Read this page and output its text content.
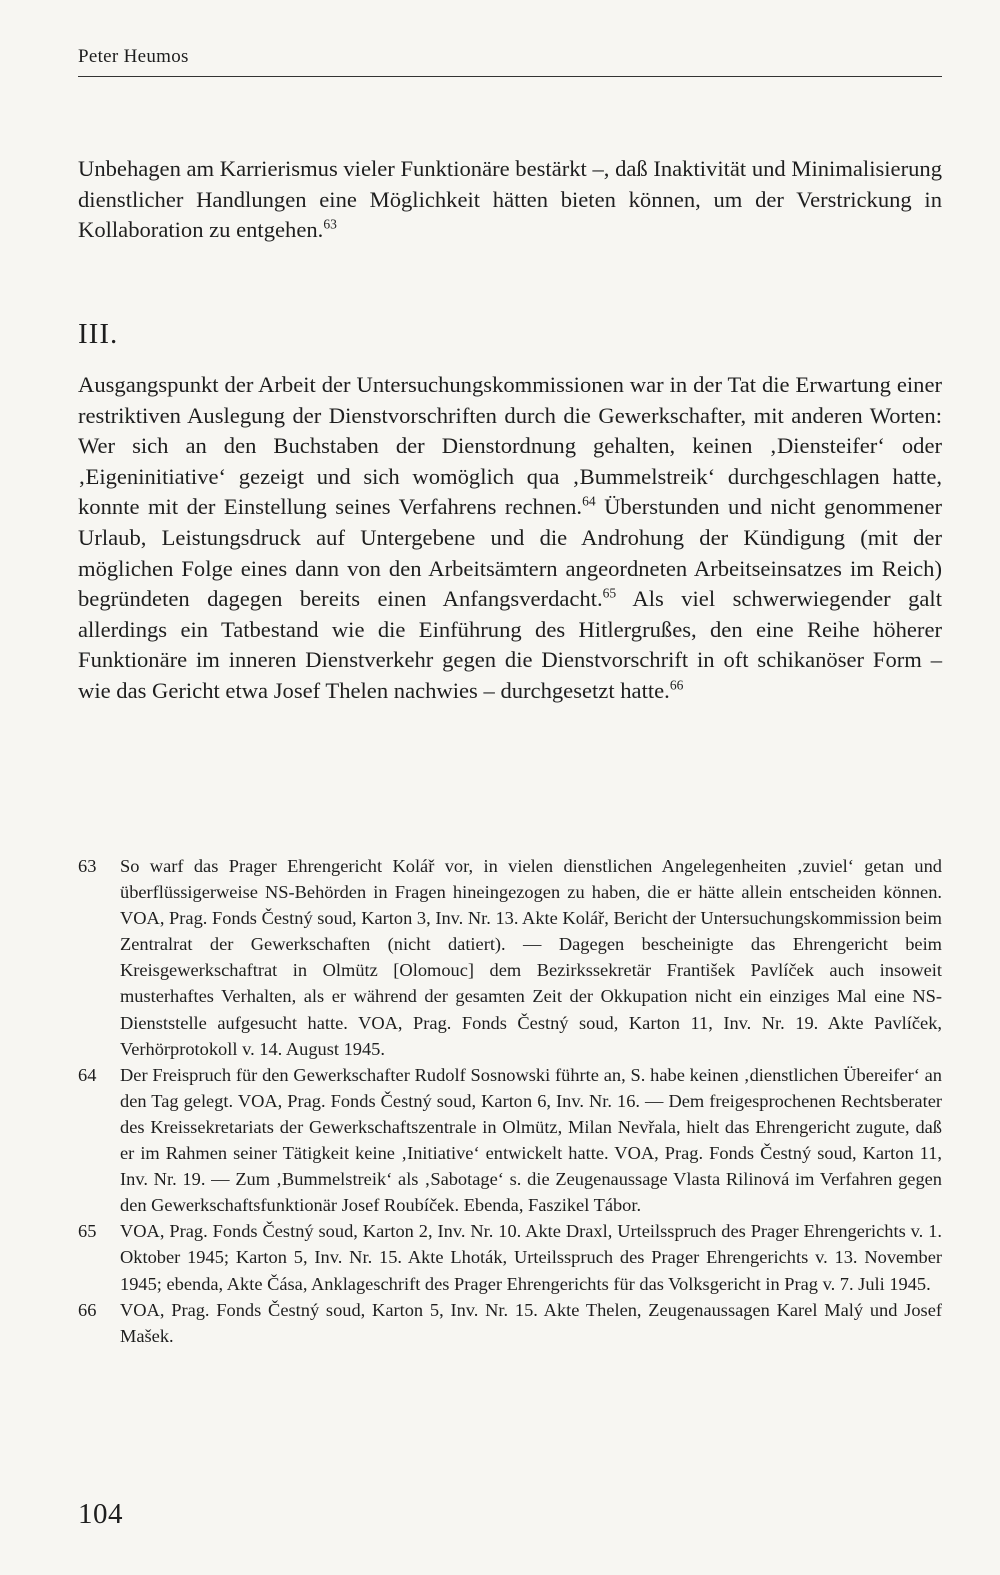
Peter Heumos

Unbehagen am Karrierismus vieler Funktionäre bestärkt –, daß Inaktivität und Minimalisierung dienstlicher Handlungen eine Möglichkeit hätten bieten können, um der Verstrickung in Kollaboration zu entgehen.$^{63}$

III.

Ausgangspunkt der Arbeit der Untersuchungskommissionen war in der Tat die Erwartung einer restriktiven Auslegung der Dienstvorschriften durch die Gewerkschafter, mit anderen Worten: Wer sich an den Buchstaben der Dienstordnung gehalten, keinen ‚Diensteifer‘ oder ‚Eigeninitiative‘ gezeigt und sich womöglich qua ‚Bummelstreik‘ durchgeschlagen hatte, konnte mit der Einstellung seines Verfahrens rechnen.$^{64}$ Überstunden und nicht genommener Urlaub, Leistungsdruck auf Untergebene und die Androhung der Kündigung (mit der möglichen Folge eines dann von den Arbeitsämtern angeordneten Arbeitseinsatzes im Reich) begründeten dagegen bereits einen Anfangsverdacht.$^{65}$ Als viel schwerwiegender galt allerdings ein Tatbestand wie die Einführung des Hitlergrußes, den eine Reihe höherer Funktionäre im inneren Dienstverkehr gegen die Dienstvorschrift in oft schikanöser Form – wie das Gericht etwa Josef Thelen nachwies – durchgesetzt hatte.$^{66}$

63 So warf das Prager Ehrengericht Kolář vor, in vielen dienstlichen Angelegenheiten ‚zuviel‘ getan und überflüssigerweise NS-Behörden in Fragen hineingezogen zu haben, die er hätte allein entscheiden können. VOA, Prag. Fonds Čestný soud, Karton 3, Inv. Nr. 13. Akte Kolář, Bericht der Untersuchungskommission beim Zentralrat der Gewerkschaften (nicht datiert). — Dagegen bescheinigte das Ehrengericht beim Kreisgewerkschaftrat in Olmütz [Olomouc] dem Bezirkssekretär František Pavlíček auch insoweit musterhaftes Verhalten, als er während der gesamten Zeit der Okkupation nicht ein einziges Mal eine NS-Dienststelle aufgesucht hatte. VOA, Prag. Fonds Čestný soud, Karton 11, Inv. Nr. 19. Akte Pavlíček, Verhörprotokoll v. 14. August 1945.
64 Der Freispruch für den Gewerkschafter Rudolf Sosnowski führte an, S. habe keinen ‚dienstlichen Übereifer‘ an den Tag gelegt. VOA, Prag. Fonds Čestný soud, Karton 6, Inv. Nr. 16. — Dem freigesprochenen Rechtsberater des Kreissekretariats der Gewerkschaftszentrale in Olmütz, Milan Nevřala, hielt das Ehrengericht zugute, daß er im Rahmen seiner Tätigkeit keine ‚Initiative‘ entwickelt hatte. VOA, Prag. Fonds Čestný soud, Karton 11, Inv. Nr. 19. — Zum ‚Bummelstreik‘ als ‚Sabotage‘ s. die Zeugenaussage Vlasta Rilinová im Verfahren gegen den Gewerkschaftsfunktionär Josef Roubíček. Ebenda, Faszikel Tábor.
65 VOA, Prag. Fonds Čestný soud, Karton 2, Inv. Nr. 10. Akte Draxl, Urteilsspruch des Prager Ehrengerichts v. 1. Oktober 1945; Karton 5, Inv. Nr. 15. Akte Lhoták, Urteilsspruch des Prager Ehrengerichts v. 13. November 1945; ebenda, Akte Čása, Anklageschrift des Prager Ehrengerichts für das Volksgericht in Prag v. 7. Juli 1945.
66 VOA, Prag. Fonds Čestný soud, Karton 5, Inv. Nr. 15. Akte Thelen, Zeugenaussagen Karel Malý und Josef Mašek.
104
